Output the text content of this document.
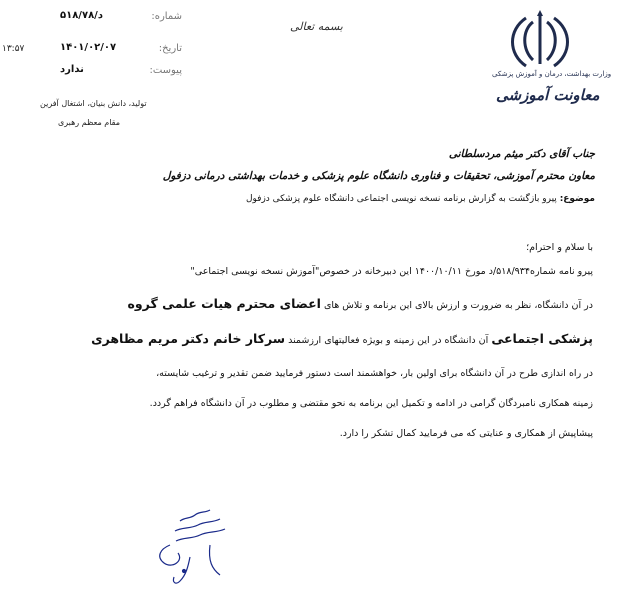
بسمه تعالی
وزارت بهداشت، درمان و آموزش پزشکی
معاونت آموزشی
د/۵۱۸/۷۸	شماره:
۱۴۰۱/۰۲/۰۷	تاریخ:
ندارد	پیوست:
۱۳:۵۷
تولید، دانش بنیان، اشتغال آفرین
مقام معظم رهبری
جناب آقای دکتر میثم مردسلطانی
معاون محترم آموزشی، تحقیقات و فناوری دانشگاه علوم پزشکی و خدمات بهداشتی درمانی دزفول
موضوع: پیرو بازگشت به گزارش برنامه نسخه نویسی اجتماعی دانشگاه علوم پزشکی دزفول
با سلام و احترام؛
پیرو نامه شماره۵۱۸/۹۳۴/د مورخ ۱۴۰۰/۱۰/۱۱ این دبیرخانه در خصوص"آموزش نسخه نویسی اجتماعی"
در آن دانشگاه، نظر به ضرورت و ارزش بالای این برنامه و تلاش های اعضای محترم هیات علمی گروه
پزشکی اجتماعی آن دانشگاه در این زمینه و بویژه فعالیتهای ارزشمند سرکار خانم دکتر مریم مظاهری
در راه اندازی طرح در آن دانشگاه برای اولین بار، خواهشمند است دستور فرمایید ضمن تقدیر و ترغیب شایسته،
زمینه همکاری نامبردگان گرامی در ادامه و تکمیل این برنامه به نحو مقتضی و مطلوب در آن دانشگاه فراهم گردد.
پیشاپیش از همکاری و عنایتی که می فرمایید کمال تشکر را دارد.
